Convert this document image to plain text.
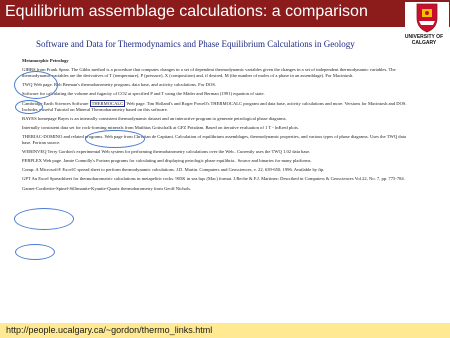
Equilibrium assemblage calculations: a comparison
UNIVERSITY OF CALGARY
Software and Data for Thermodynamics and Phase Equilibrium Calculations in Geology

Metamorphic Petrology

GIBBS from Frank Spear. The Gibbs method is a procedure that computes changes in a set of dependent thermodynamic variables given the changes in a set of independent thermodynamic variables. The thermodynamic variables are the derivatives of T (temperature), P (pressure), X (composition) and, if desired, M (the number of moles of a phase in an assemblage). For Macintosh.

TWQ Web page. Rob Berman's thermobarometry program, data base, and activity calculations. For DOS.

Software for calculating the volume and fugacity of CO2 at specified P and T using the Mäder and Berman (1991) equation of state.

Cambridge Earth Sciences Software THERMOCALC Web page. Tim Holland's and Roger Powell's THERMOCALC program and data base, activity calculations and more. Versions for Macintosh and DOS. Includes a useful Tutorial on Mineral Thermobarometry based on this software.

BAYES homepage Bayes is an internally consistent thermodynamic dataset and an interactive program to generate petrological phase diagrams.

Internally consistent data set for rock-forming minerals from Matthias Gottschalk at GFZ Potsdam. Based on iterative evaluation of 1 T - lnKred plots.

THERIAC-DOMINO and related programs. Web page from Christian de Capitani. Calculation of equilibrium assemblages, thermodynamic properties, and various types of phase diagrams. Uses the TWQ data base. Fortran source.

WEBINVEQ Terry Gordon's experimental Web system for performing thermobarometry calculations over the Web.. Currently uses the TWQ 1.02 data base.

PERPLEX Web page. Jamie Connolly's Fortran programs for calculating and displaying petrologic phase equilibria.. Source and binaries for many platforms.

Comp: A Microsoft® Excel© spread sheet to perform thermodynamic calculations. J.D. Martin. Computers and Geosciences, v. 22, 639-650, 1996. Available by ftp.

GPT An Excel Spreadsheet for thermobarometric calculations in metapelitic rocks. 905K in sea.hqx (Mac) format. J.Reche & F.J. Martinez: Described in Computers & Geosciences Vol.22, No. 7, pp. 775-784.

Garnet-Cordierite-Spinel-Sillimanite-Kyanite-Quartz thermobarometry from Geoff Nichols.

http://people.ucalgary.ca/~gordon/thermo_links.html
